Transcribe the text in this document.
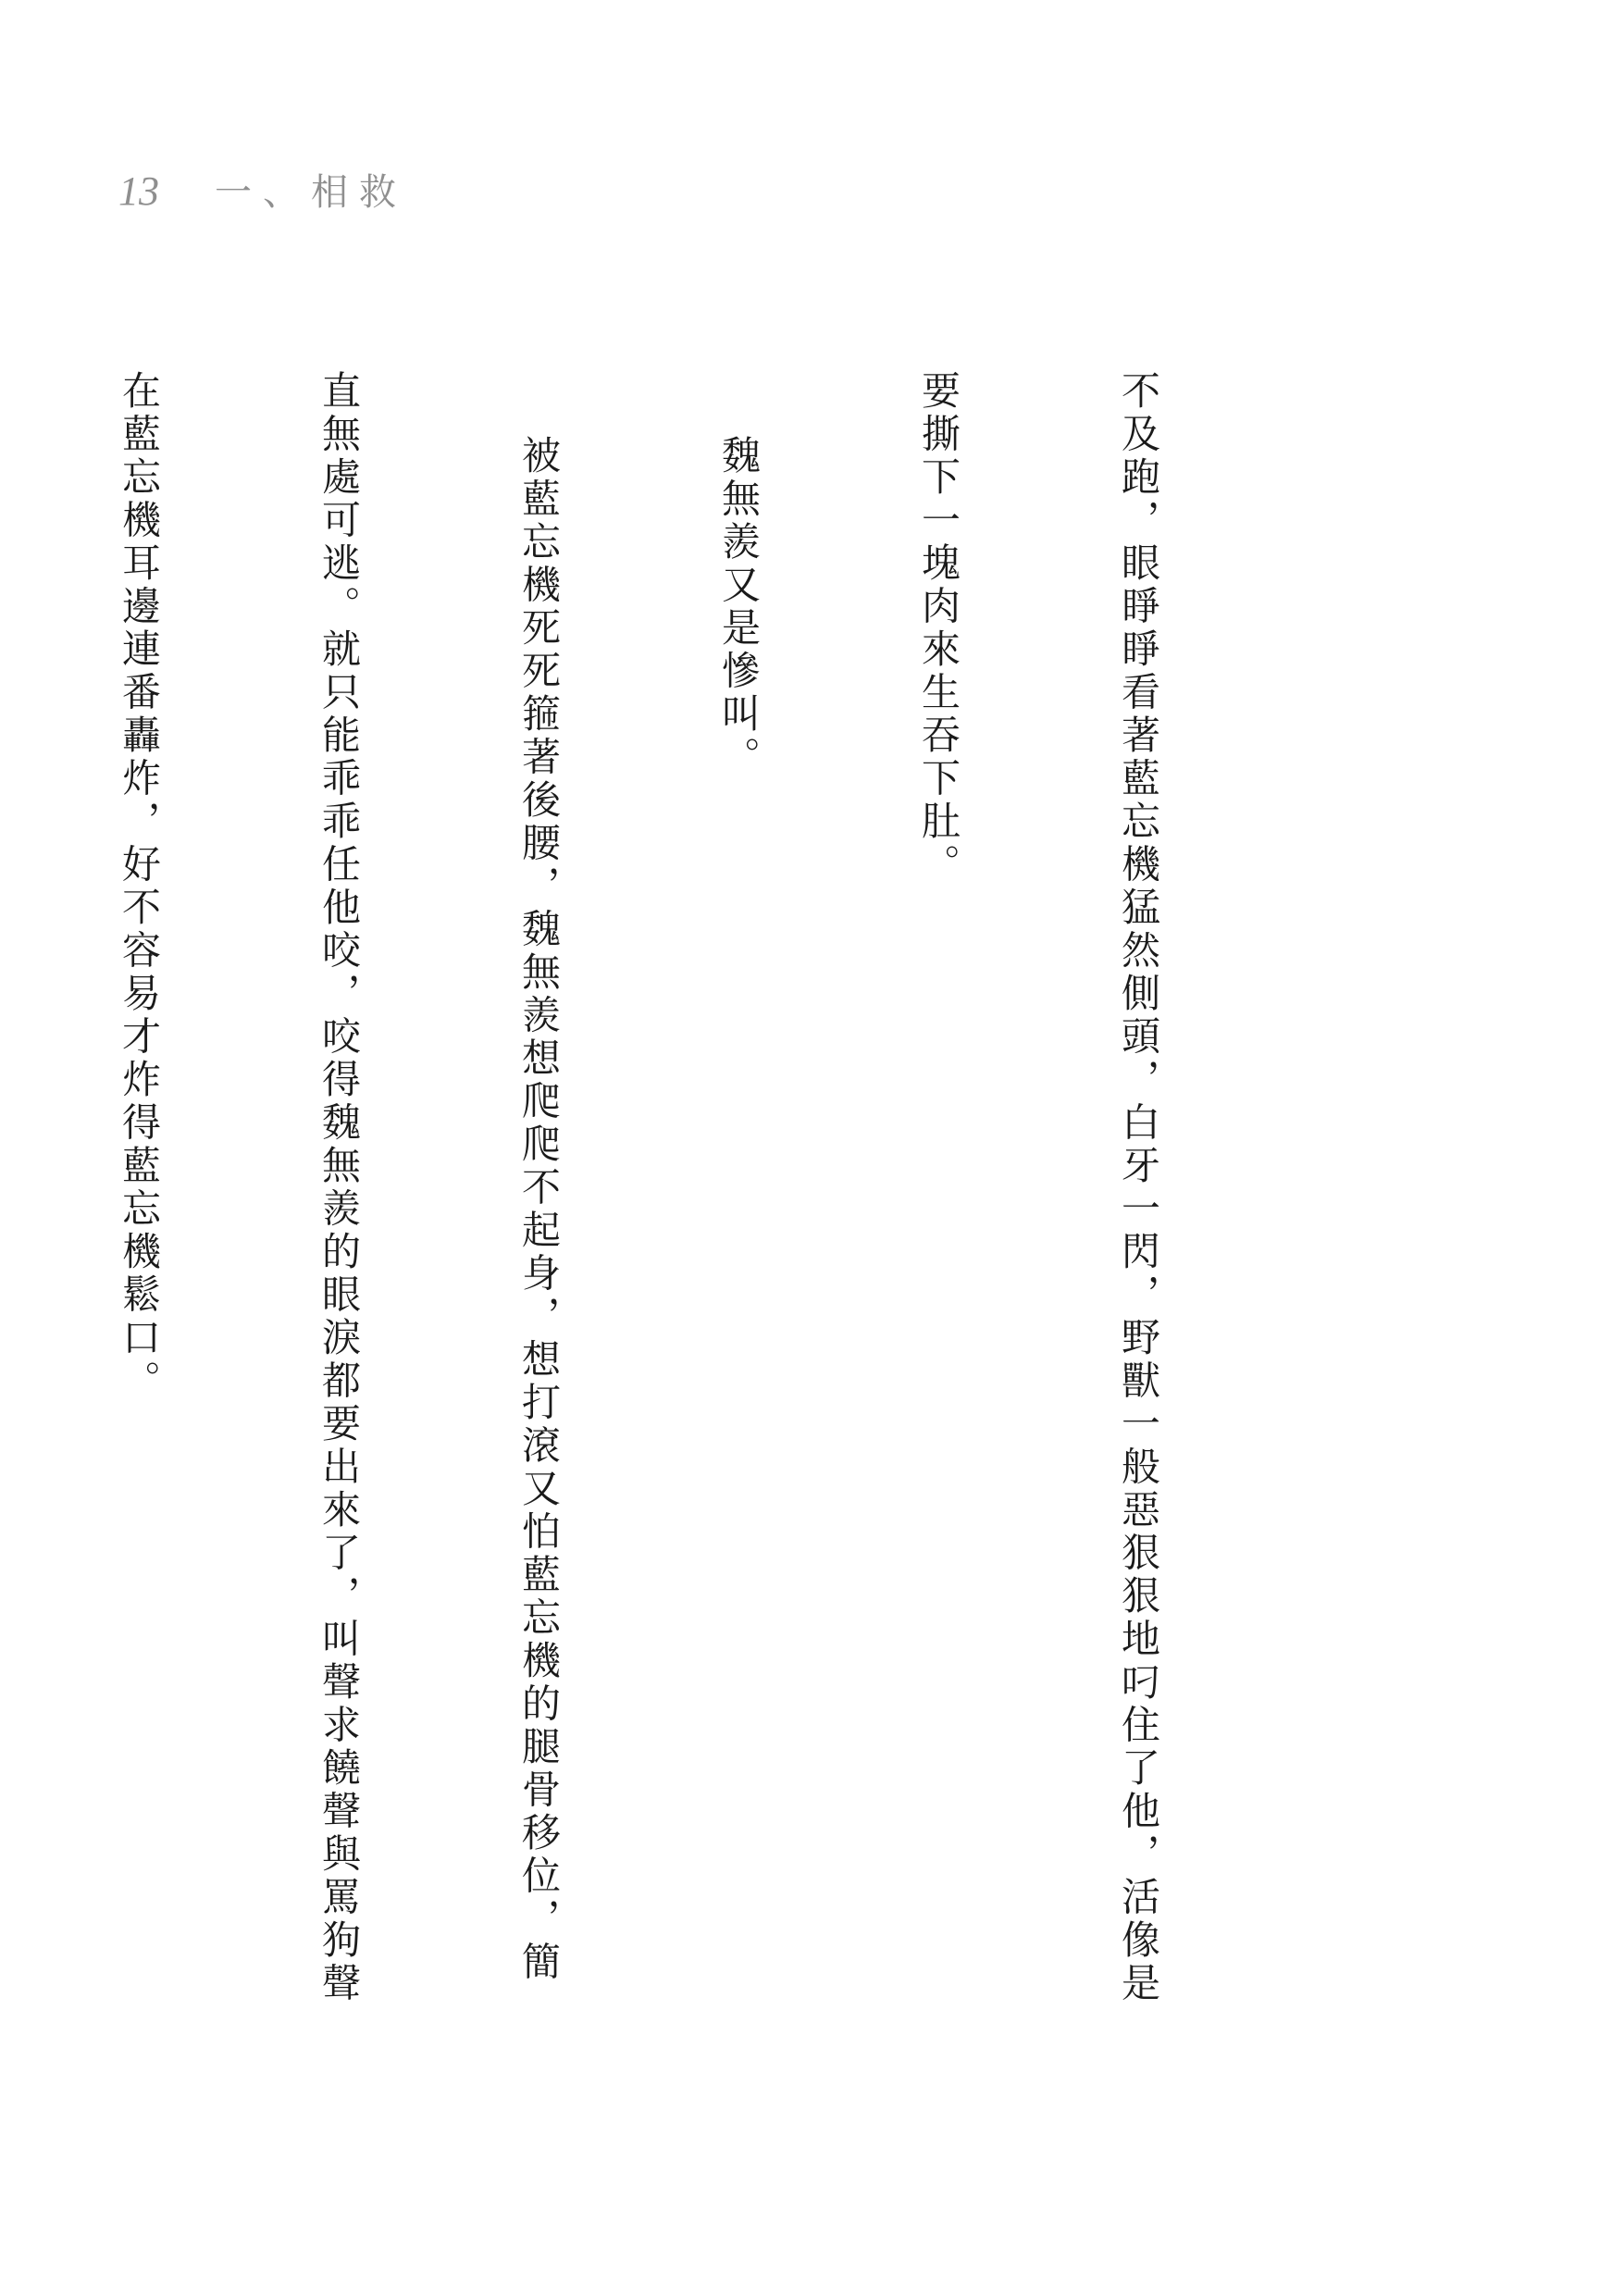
13 一、相救

不及跑，眼睜睜看著藍忘機猛然側頭，白牙一閃，野獸一般惡狠狠地叼住了他，活像是

要撕下一塊肉來生吞下肚。

魏無羨又是慘叫。

被藍忘機死死箍著後腰，魏無羨想爬爬不起身，想打滾又怕藍忘機的腿骨移位，簡

直無處可逃。就只能乖乖任他咬，咬得魏無羨的眼淚都要出來了，叫聲求饒聲與罵狗聲

在藍忘機耳邊連番轟炸，好不容易才炸得藍忘機鬆口。
